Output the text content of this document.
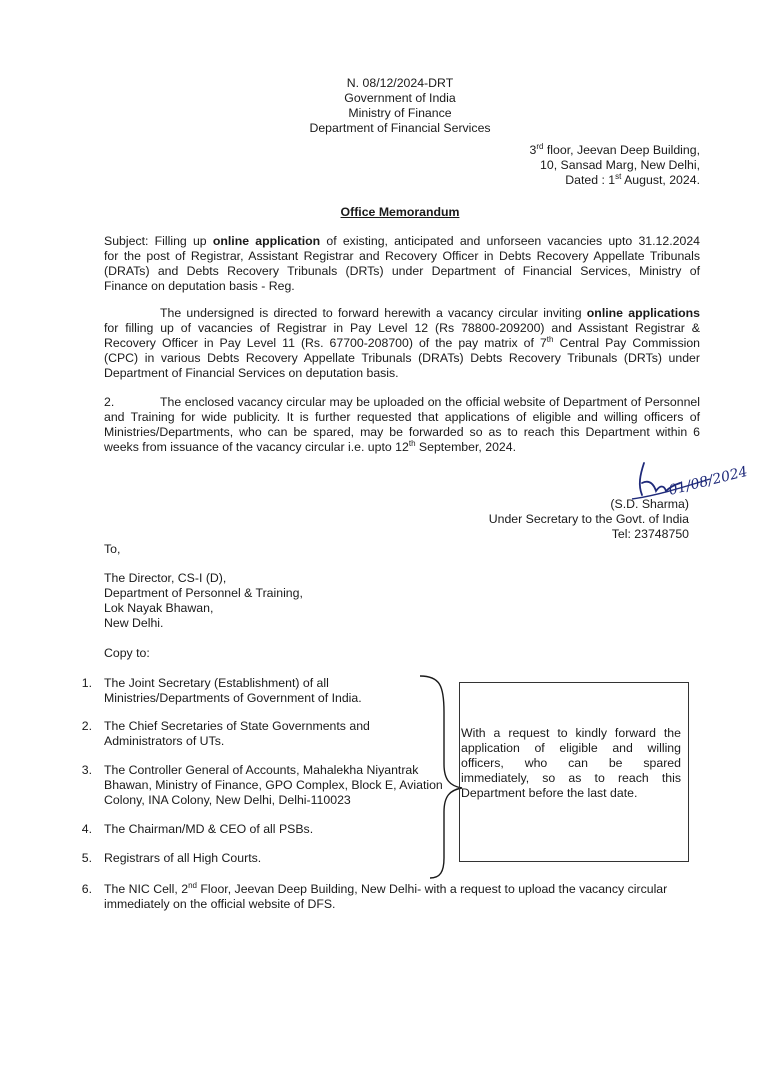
N. 08/12/2024-DRT
Government of India
Ministry of Finance
Department of Financial Services
3rd floor, Jeevan Deep Building,
10, Sansad Marg, New Delhi,
Dated : 1st August, 2024.
Office Memorandum
Subject: Filling up online application of existing, anticipated and unforseen vacancies upto 31.12.2024
for the post of Registrar, Assistant Registrar and Recovery Officer in Debts Recovery Appellate Tribunals
(DRATs) and Debts Recovery Tribunals (DRTs) under Department of Financial Services, Ministry of
Finance on deputation basis - Reg.
The undersigned is directed to forward herewith a vacancy circular inviting online applications
for filling up of vacancies of Registrar in Pay Level 12 (Rs 78800-209200) and Assistant Registrar &
Recovery Officer in Pay Level 11 (Rs. 67700-208700) of the pay matrix of 7th Central Pay Commission
(CPC) in various Debts Recovery Appellate Tribunals (DRATs) Debts Recovery Tribunals (DRTs) under
Department of Financial Services on deputation basis.
2.	The enclosed vacancy circular may be uploaded on the official website of Department of Personnel
and Training for wide publicity. It is further requested that applications of eligible and willing officers of
Ministries/Departments, who can be spared, may be forwarded so as to reach this Department within 6
weeks from issuance of the vacancy circular i.e. upto 12th September, 2024.
01/08/2024
(S.D. Sharma)
Under Secretary to the Govt. of India
Tel: 23748750
To,
The Director, CS-I (D),
Department of Personnel & Training,
Lok Nayak Bhawan,
New Delhi.
Copy to:
1. The Joint Secretary (Establishment) of all
Ministries/Departments of Government of India.
2. The Chief Secretaries of State Governments and
Administrators of UTs.
3. The Controller General of Accounts, Mahalekha Niyantrak
Bhawan, Ministry of Finance, GPO Complex, Block E, Aviation
Colony, INA Colony, New Delhi, Delhi-110023
4. The Chairman/MD & CEO of all PSBs.
5. Registrars of all High Courts.
6. The NIC Cell, 2nd Floor, Jeevan Deep Building, New Delhi- with a request to upload the vacancy circular
immediately on the official website of DFS.
With a request to kindly forward the
application of eligible and willing
officers, who can be spared
immediately, so as to reach this
Department before the last date.
